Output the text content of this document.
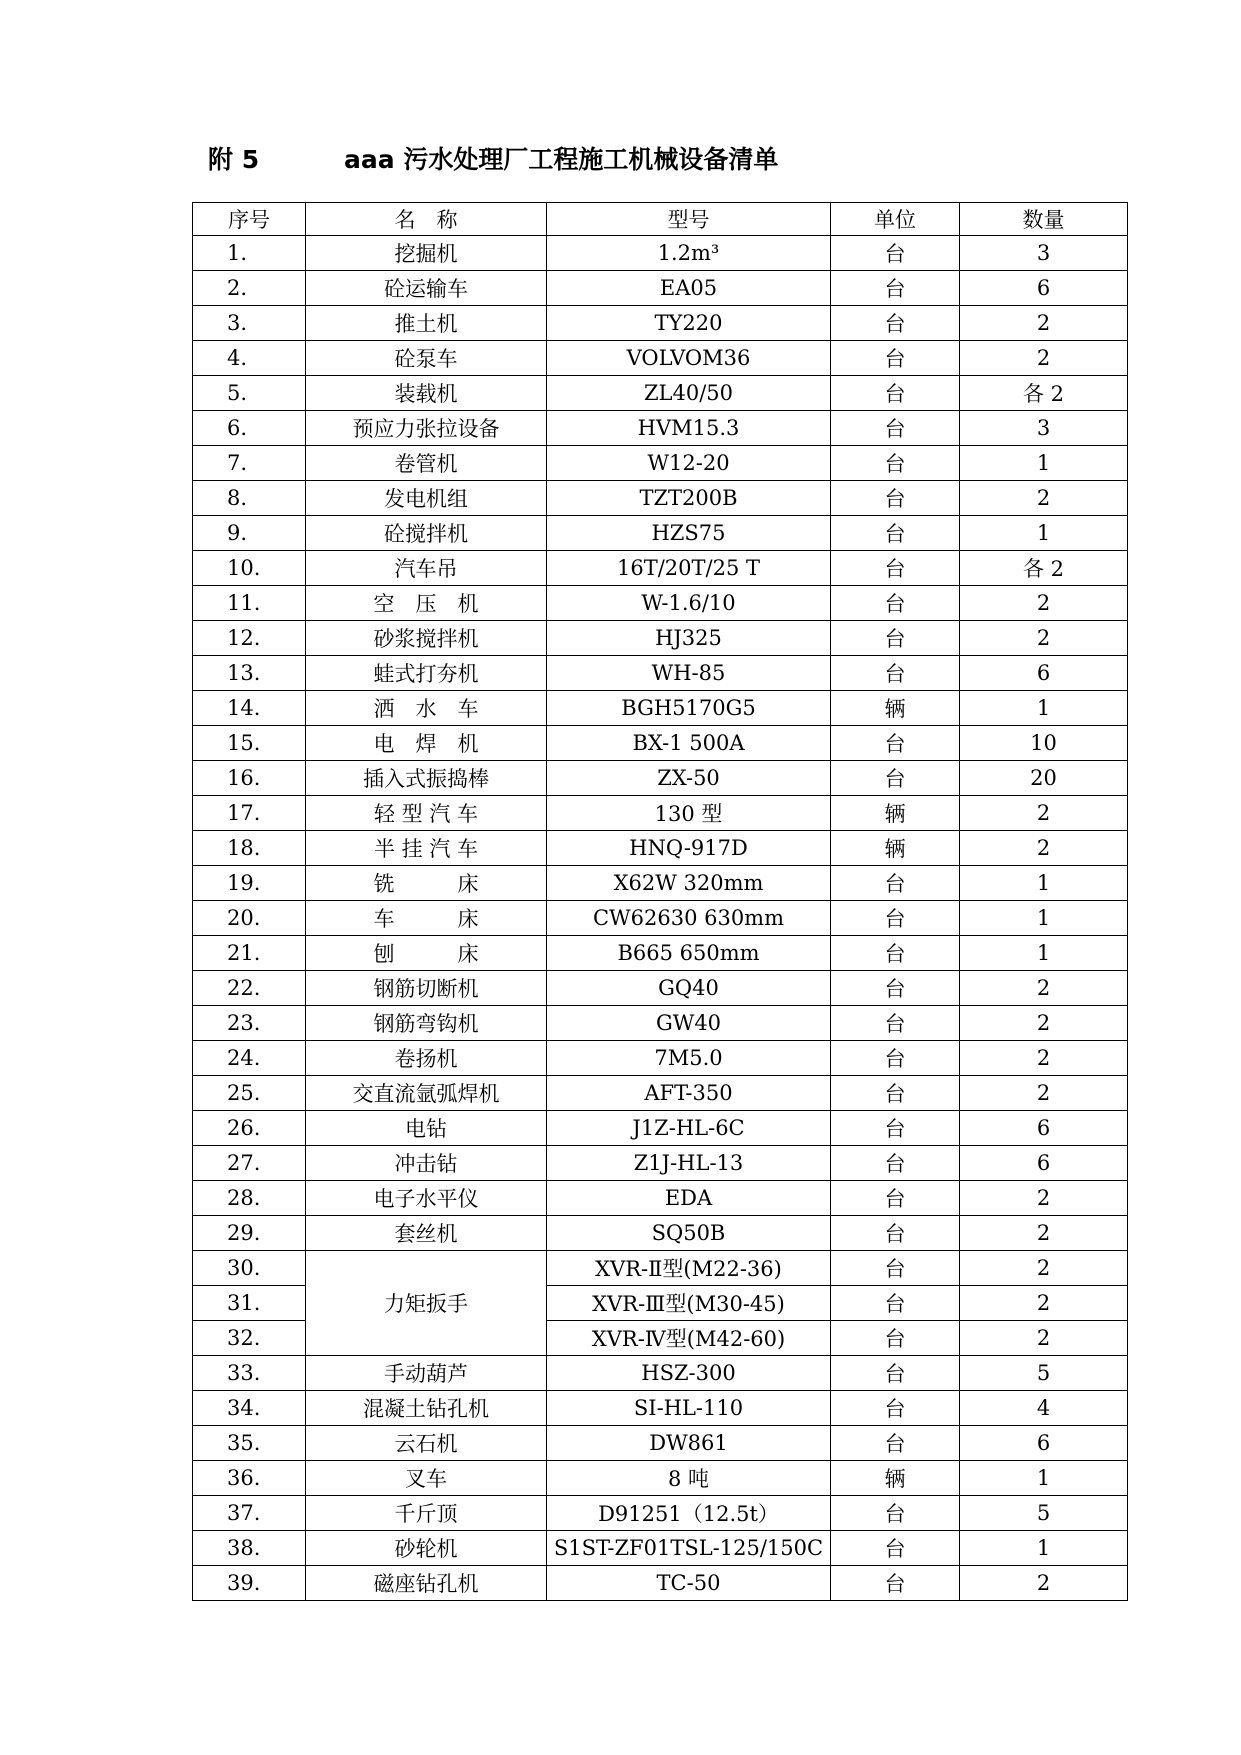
附 5	aaa 污水处理厂工程施工机械设备清单
序号	名　称	型号	单位	数量
1.	挖掘机	1.2m³	台	3
2.	砼运输车	EA05	台	6
3.	推土机	TY220	台	2
4.	砼泵车	VOLVOM36	台	2
5.	装载机	ZL40/50	台	各 2
6.	预应力张拉设备	HVM15.3	台	3
7.	卷管机	W12-20	台	1
8.	发电机组	TZT200B	台	2
9.	砼搅拌机	HZS75	台	1
10.	汽车吊	16T/20T/25 T	台	各 2
11.	空　压　机	W-1.6/10	台	2
12.	砂浆搅拌机	HJ325	台	2
13.	蛙式打夯机	WH-85	台	6
14.	洒　水　车	BGH5170G5	辆	1
15.	电　焊　机	BX-1 500A	台	10
16.	插入式振捣棒	ZX-50	台	20
17.	轻 型 汽 车	130 型	辆	2
18.	半 挂 汽 车	HNQ-917D	辆	2
19.	铣　　　床	X62W 320mm	台	1
20.	车　　　床	CW62630 630mm	台	1
21.	刨　　　床	B665 650mm	台	1
22.	钢筋切断机	GQ40	台	2
23.	钢筋弯钩机	GW40	台	2
24.	卷扬机	7M5.0	台	2
25.	交直流氩弧焊机	AFT-350	台	2
26.	电钻	J1Z-HL-6C	台	6
27.	冲击钻	Z1J-HL-13	台	6
28.	电子水平仪	EDA	台	2
29.	套丝机	SQ50B	台	2
30.	力矩扳手	XVR-Ⅱ型(M22-36)	台	2
31.		XVR-Ⅲ型(M30-45)	台	2
32.		XVR-Ⅳ型(M42-60)	台	2
33.	手动葫芦	HSZ-300	台	5
34.	混凝土钻孔机	SI-HL-110	台	4
35.	云石机	DW861	台	6
36.	叉车	8 吨	辆	1
37.	千斤顶	D91251（12.5t）	台	5
38.	砂轮机	S1ST-ZF01TSL-125/150C	台	1
39.	磁座钻孔机	TC-50	台	2
